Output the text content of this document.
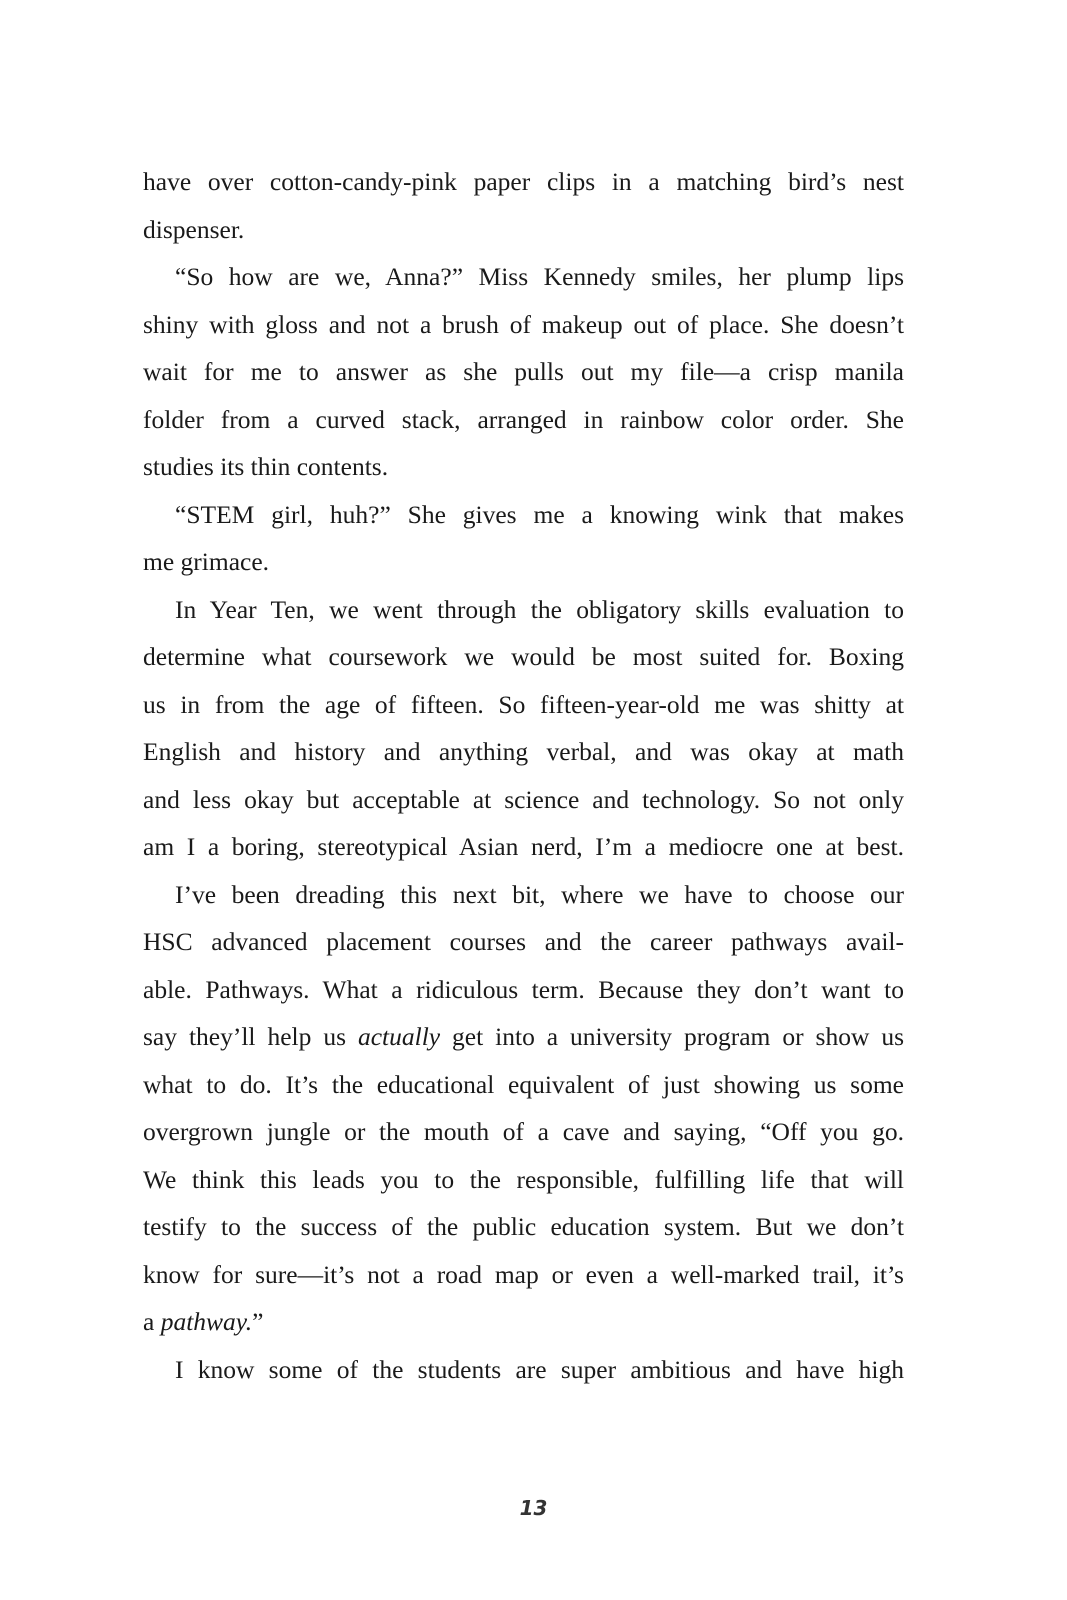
have over cotton-candy-pink paper clips in a matching bird’s nest
dispenser.
“So how are we, Anna?” Miss Kennedy smiles, her plump lips
shiny with gloss and not a brush of makeup out of place. She doesn’t
wait for me to answer as she pulls out my file—a crisp manila
folder from a curved stack, arranged in rainbow color order. She
studies its thin contents.
“STEM girl, huh?” She gives me a knowing wink that makes
me grimace.
In Year Ten, we went through the obligatory skills evaluation to
determine what coursework we would be most suited for. Boxing
us in from the age of fifteen. So fifteen-year-old me was shitty at
English and history and anything verbal, and was okay at math
and less okay but acceptable at science and technology. So not only
am I a boring, stereotypical Asian nerd, I’m a mediocre one at best.
I’ve been dreading this next bit, where we have to choose our
HSC advanced placement courses and the career pathways avail-
able. Pathways. What a ridiculous term. Because they don’t want to
say they’ll help us actually get into a university program or show us
what to do. It’s the educational equivalent of just showing us some
overgrown jungle or the mouth of a cave and saying, “Off you go.
We think this leads you to the responsible, fulfilling life that will
testify to the success of the public education system. But we don’t
know for sure—it’s not a road map or even a well-marked trail, it’s
a pathway.”
I know some of the students are super ambitious and have high
13
